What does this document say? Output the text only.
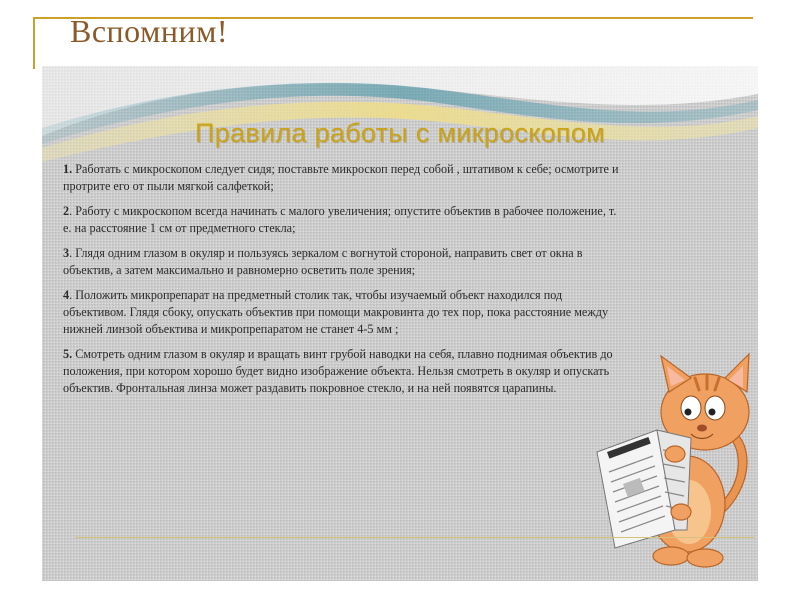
Вспомним!
Правила работы с микроскопом

1. Работать с микроскопом следует сидя; поставьте микроскоп перед собой , штативом к себе; осмотрите и протрите его от пыли мягкой салфеткой;

2. Работу с микроскопом всегда начинать с малого увеличения; опустите объектив в рабочее положение, т. е. на расстояние 1 см от предметного стекла;

3. Глядя одним глазом в окуляр и пользуясь зеркалом с вогнутой стороной, направить свет от окна в объектив, а затем максимально и равномерно осветить поле зрения;

4. Положить микропрепарат на предметный столик так, чтобы изучаемый объект находился под объективом. Глядя сбоку, опускать объектив при помощи макровинта до тех пор, пока расстояние между нижней линзой объектива и микропрепаратом не станет 4-5 мм ;

5. Смотреть одним глазом в окуляр и вращать винт грубой наводки на себя, плавно поднимая объектив до положения, при котором хорошо будет видно изображение объекта. Нельзя смотреть в окуляр и опускать объектив. Фронтальная линза может раздавить покровное стекло, и на ней появятся царапины.
